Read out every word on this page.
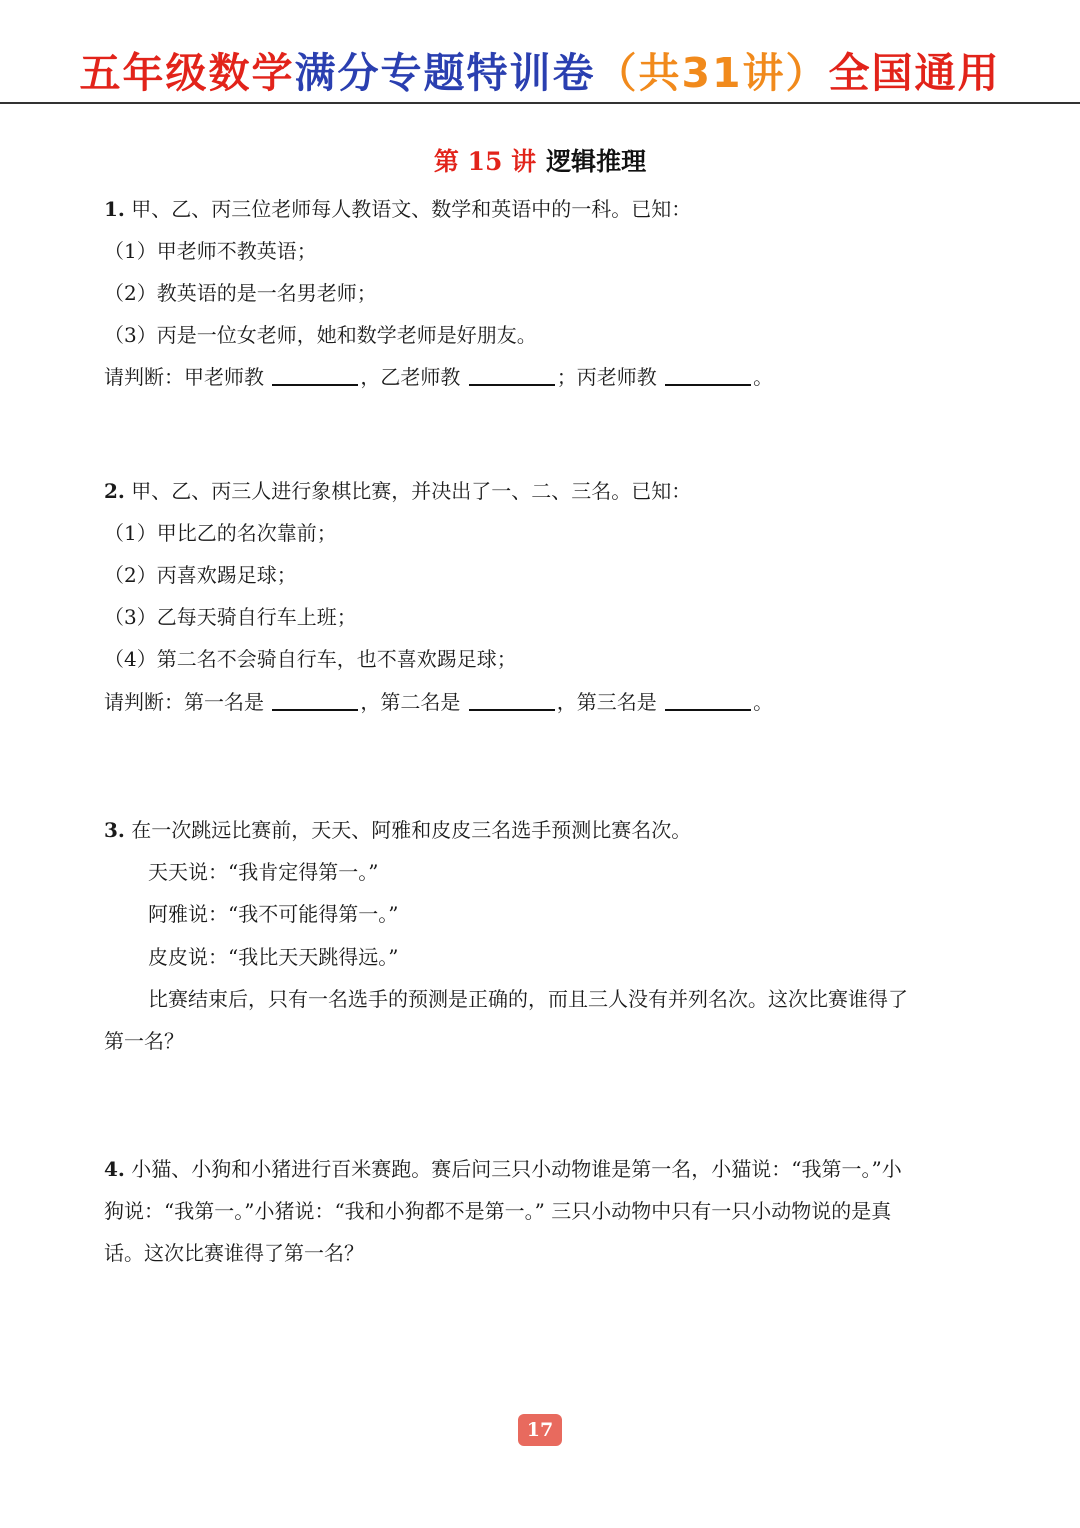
五年级数学满分专题特训卷（共31讲）全国通用
第 15 讲 逻辑推理
1. 甲、乙、丙三位老师每人教语文、数学和英语中的一科。已知：
（1）甲老师不教英语；
（2）教英语的是一名男老师；
（3）丙是一位女老师，她和数学老师是好朋友。
请判断：甲老师教	，乙老师教	；丙老师教	。
2. 甲、乙、丙三人进行象棋比赛，并决出了一、二、三名。已知：
（1）甲比乙的名次靠前；
（2）丙喜欢踢足球；
（3）乙每天骑自行车上班；
（4）第二名不会骑自行车，也不喜欢踢足球；
请判断：第一名是	，第二名是	，第三名是	。
3. 在一次跳远比赛前，天天、阿雅和皮皮三名选手预测比赛名次。
天天说：“我肯定得第一。”
阿雅说：“我不可能得第一。”
皮皮说：“我比天天跳得远。”
比赛结束后，只有一名选手的预测是正确的，而且三人没有并列名次。这次比赛谁得了
第一名？
4. 小猫、小狗和小猪进行百米赛跑。赛后问三只小动物谁是第一名，小猫说：“我第一。”小
狗说：“我第一。”小猪说：“我和小狗都不是第一。” 三只小动物中只有一只小动物说的是真
话。这次比赛谁得了第一名？
17
